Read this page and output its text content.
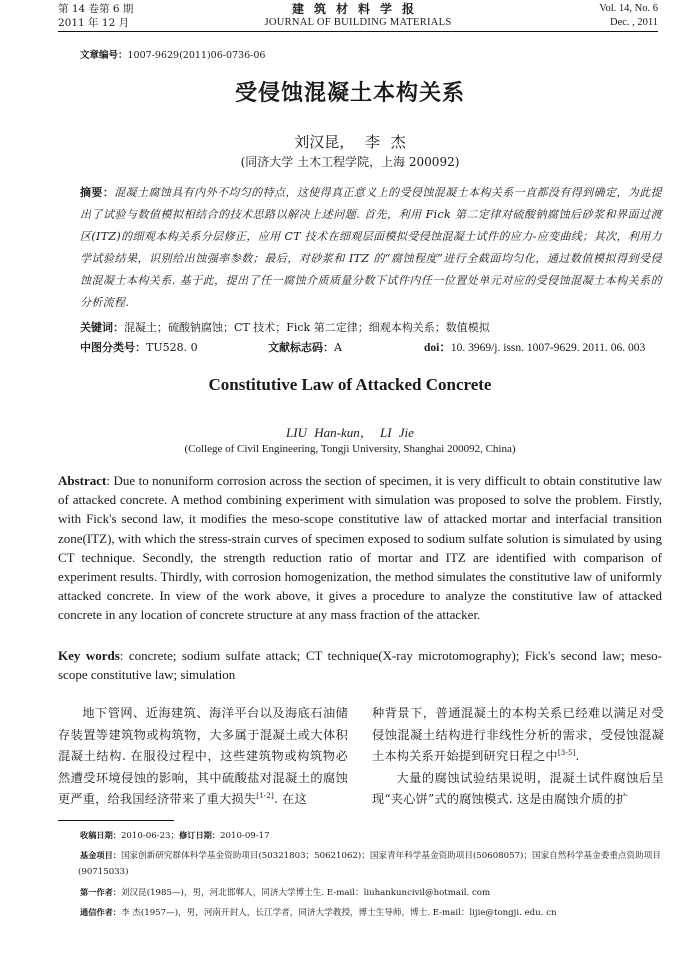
第 14 卷第 6 期
2011 年 12 月
建筑材料学报
JOURNAL OF BUILDING MATERIALS
Vol. 14, No. 6
Dec. , 2011
文章编号：1007-9629(2011)06-0736-06
受侵蚀混凝土本构关系
刘汉昆， 李 杰
(同济大学 土木工程学院，上海 200092)
摘要：混凝土腐蚀具有内外不均匀的特点，这使得真正意义上的受侵蚀混凝土本构关系一直都没有得到确定，为此提出了试验与数值模拟相结合的技术思路以解决上述问题. 首先，利用 Fick 第二定律对硫酸钠腐蚀后砂浆和界面过渡区(ITZ)的细观本构关系分层修正，应用 CT 技术在细观层面模拟受侵蚀混凝土试件的应力-应变曲线；其次，利用力学试验结果，识别给出蚀强率参数；最后，对砂浆和 ITZ 的“腐蚀程度”进行全截面均匀化，通过数值模拟得到受侵蚀混凝土本构关系. 基于此，提出了任一腐蚀介质质量分数下试件内任一位置处单元对应的受侵蚀混凝土本构关系的分析流程.
关键词：混凝土；硫酸钠腐蚀；CT 技术；Fick 第二定律；细观本构关系；数值模拟
中图分类号：TU528. 0	文献标志码：A	doi：10. 3969/j. issn. 1007-9629. 2011. 06. 003
Constitutive Law of Attacked Concrete
LIU Han-kun， LI Jie
(College of Civil Engineering, Tongji University, Shanghai 200092, China)
Abstract: Due to nonuniform corrosion across the section of specimen, it is very difficult to obtain constitutive law of attacked concrete. A method combining experiment with simulation was proposed to solve the problem. Firstly, with Fick's second law, it modifies the meso-scope constitutive law of attacked mortar and interfacial transition zone(ITZ), with which the stress-strain curves of specimen exposed to sodium sulfate solution is simulated by using CT technique. Secondly, the strength reduction ratio of mortar and ITZ are identified with comparison of experiment results. Thirdly, with corrosion homogenization, the method simulates the constitutive law of uniformly attacked concrete. In view of the work above, it gives a procedure to analyze the constitutive law of attacked concrete in any location of concrete structure at any mass fraction of the attacker.
Key words: concrete; sodium sulfate attack; CT technique(X-ray microtomography); Fick's second law; meso-scope constitutive law; simulation
地下管网、近海建筑、海洋平台以及海底石油储存装置等建筑物或构筑物，大多属于混凝土或大体积混凝土结构. 在服役过程中，这些建筑物或构筑物必然遭受环境侵蚀的影响，其中硫酸盐对混凝土的腐蚀更严重，给我国经济带来了重大损失[1-2]. 在这

种背景下，普通混凝土的本构关系已经难以满足对受侵蚀混凝土结构进行非线性分析的需求，受侵蚀混凝土本构关系开始提到研究日程之中[3-5].

大量的腐蚀试验结果说明，混凝土试件腐蚀后呈现“夹心饼”式的腐蚀模式. 这是由腐蚀介质的扩

收稿日期：2010-06-23；修订日期：2010-09-17
基金项目：国家创新研究群体科学基金资助项目(50321803；50621062)；国家青年科学基金资助项目(50608057)；国家自然科学基金委重点资助项目(90715033)
第一作者：刘汉昆(1985—)，男，河北邯郸人，同济大学博士生. E-mail：liuhankuncivil@hotmail. com
通信作者：李 杰(1957—)，男，河南开封人，长江学者，同济大学教授，博士生导师，博士. E-mail：lijie@tongji. edu. cn
